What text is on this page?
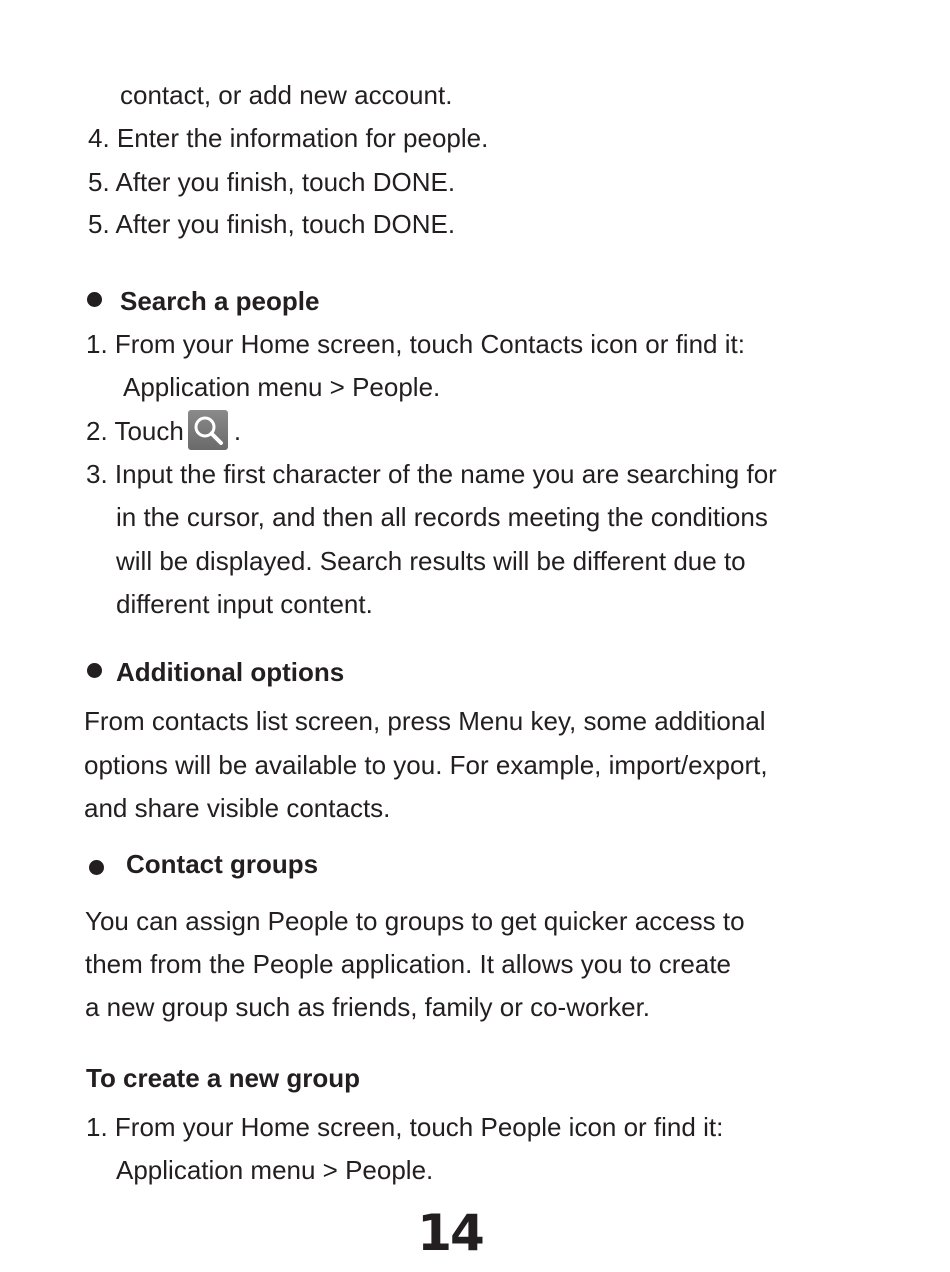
contact, or add new account.
4. Enter the information for people.
5. After you finish, touch DONE.
5. After you finish, touch DONE.
Search a people
1. From your Home screen, touch Contacts icon or find it:
Application menu > People.
2. Touch .
3. Input the first character of the name you are searching for
in the cursor, and then all records meeting the conditions
will be displayed. Search results will be different due to
different input content.
Additional options
From contacts list screen, press Menu key, some additional
options will be available to you. For example, import/export,
and share visible contacts.
Contact groups
You can assign People to groups to get quicker access to
them from the People application. It allows you to create
a new group such as friends, family or co-worker.
To create a new group
1. From your Home screen, touch People icon or find it:
Application menu > People.
14
